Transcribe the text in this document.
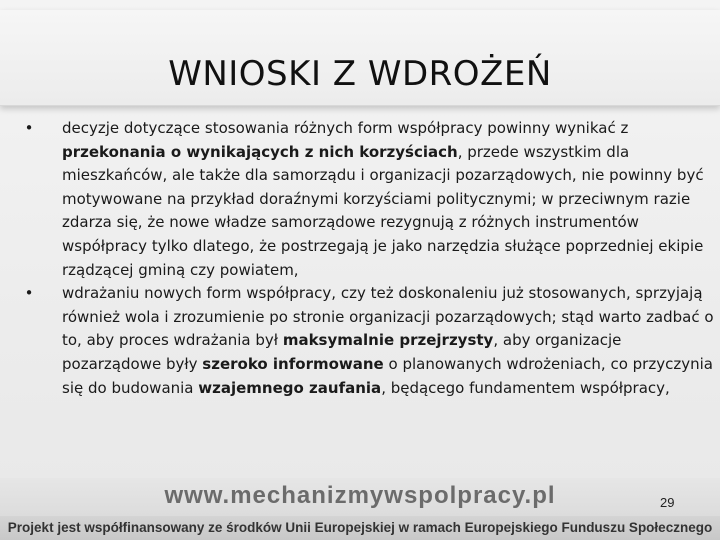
WNIOSKI Z WDROŻEŃ

•	decyzje dotyczące stosowania różnych form współpracy powinny wynikać z przekonania o wynikających z nich korzyściach, przede wszystkim dla mieszkańców, ale także dla samorządu i organizacji pozarządowych, nie powinny być motywowane na przykład doraźnymi korzyściami politycznymi; w przeciwnym razie zdarza się, że nowe władze samorządowe rezygnują z różnych instrumentów współpracy tylko dlatego, że postrzegają je jako narzędzia służące poprzedniej ekipie rządzącej gminą czy powiatem,

•	wdrażaniu nowych form współpracy, czy też doskonaleniu już stosowanych, sprzyjają również wola i zrozumienie po stronie organizacji pozarządowych; stąd warto zadbać o to, aby proces wdrażania był maksymalnie przejrzysty, aby organizacje pozarządowe były szeroko informowane o planowanych wdrożeniach, co przyczynia się do budowania wzajemnego zaufania, będącego fundamentem współpracy,

www.mechanizmywspolpracy.pl	29
Projekt jest współfinansowany ze środków Unii Europejskiej w ramach Europejskiego Funduszu Społecznego
